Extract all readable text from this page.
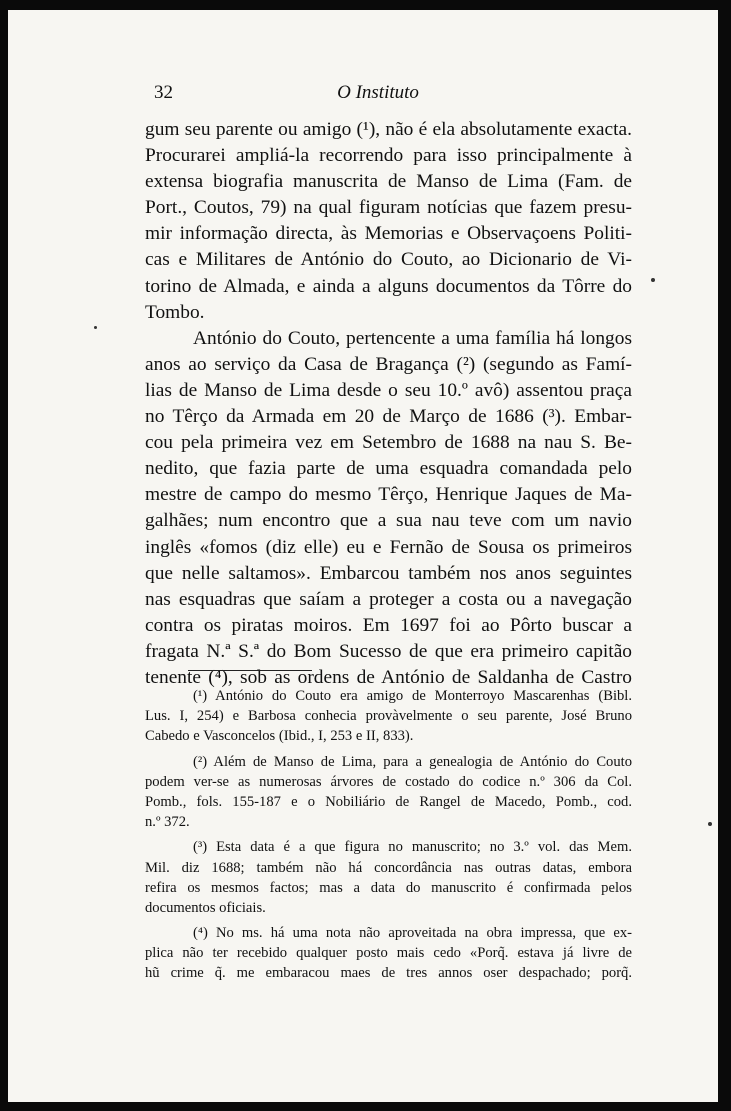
32	O Instituto
gum seu parente ou amigo (¹), não é ela absolutamente exacta.
Procurarei ampliá-la recorrendo para isso principalmente à
extensa biografia manuscrita de Manso de Lima (Fam. de
Port., Coutos, 79) na qual figuram notícias que fazem presu-
mir informação directa, às Memorias e Observaçoens Politi-
cas e Militares de António do Couto, ao Dicionario de Vi-
torino de Almada, e ainda a alguns documentos da Tôrre do
Tombo.
António do Couto, pertencente a uma família há longos
anos ao serviço da Casa de Bragança (²) (segundo as Famí-
lias de Manso de Lima desde o seu 10.º avô) assentou praça
no Têrço da Armada em 20 de Março de 1686 (³). Embar-
cou pela primeira vez em Setembro de 1688 na nau S. Be-
nedito, que fazia parte de uma esquadra comandada pelo
mestre de campo do mesmo Têrço, Henrique Jaques de Ma-
galhães; num encontro que a sua nau teve com um navio
inglês «fomos (diz elle) eu e Fernão de Sousa os primeiros
que nelle saltamos». Embarcou também nos anos seguintes
nas esquadras que saíam a proteger a costa ou a navegação
contra os piratas moiros. Em 1697 foi ao Pôrto buscar a
fragata N.ª S.ª do Bom Sucesso de que era primeiro capitão
tenente (⁴), sob as ordens de António de Saldanha de Castro
(¹) António do Couto era amigo de Monterroyo Mascarenhas (Bibl.
Lus. I, 254) e Barbosa conhecia provàvelmente o seu parente, José Bruno
Cabedo e Vasconcelos (Ibid., I, 253 e II, 833).
(²) Além de Manso de Lima, para a genealogia de António do Couto
podem ver-se as numerosas árvores de costado do codice n.º 306 da Col.
Pomb., fols. 155-187 e o Nobiliário de Rangel de Macedo, Pomb., cod.
n.º 372.
(³) Esta data é a que figura no manuscrito; no 3.º vol. das Mem.
Mil. diz 1688; também não há concordância nas outras datas, embora
refira os mesmos factos; mas a data do manuscrito é confirmada pelos
documentos oficiais.
(⁴) No ms. há uma nota não aproveitada na obra impressa, que ex-
plica não ter recebido qualquer posto mais cedo «Porq̃. estava já livre de
hũ crime q̃. me embaracou maes de tres annos oser despachado; porq̃.
